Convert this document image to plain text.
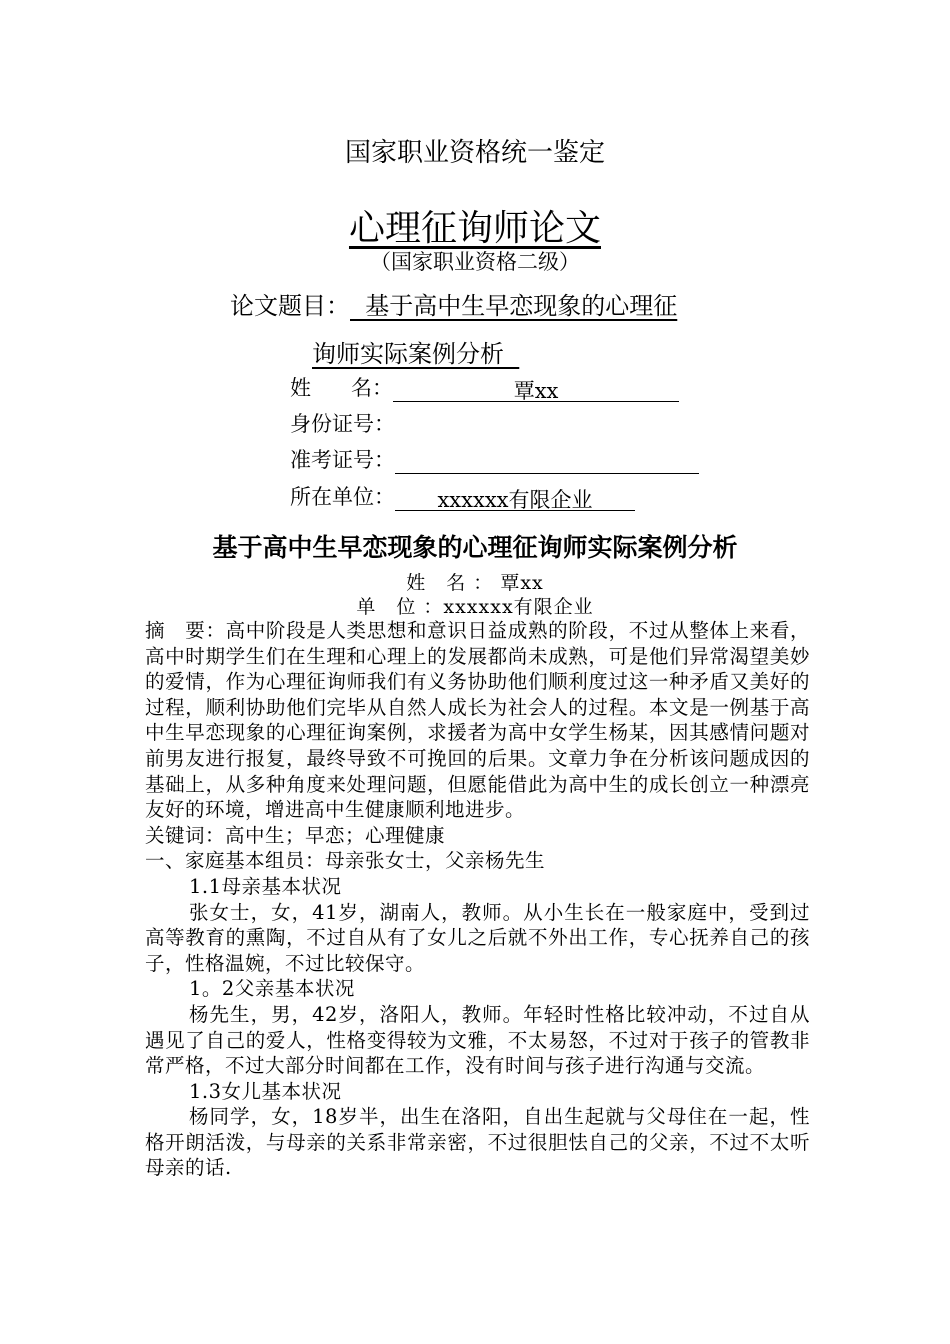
国家职业资格统一鉴定
心理征询师论文
（国家职业资格二级）
论文题目：  基于高中生早恋现象的心理征
询师实际案例分析
姓      名：	覃xx
身份证号：
准考证号：
所在单位： xxxxxx有限企业
基于高中生早恋现象的心理征询师实际案例分析
姓　名 ： 覃xx
单　位 ：xxxxxx有限企业

摘　要：高中阶段是人类思想和意识日益成熟的阶段，不过从整体上来看，高中时期学生们在生理和心理上的发展都尚未成熟，可是他们异常渴望美妙的爱情，作为心理征询师我们有义务协助他们顺利度过这一种矛盾又美好的过程，顺利协助他们完毕从自然人成长为社会人的过程。本文是一例基于高中生早恋现象的心理征询案例，求援者为高中女学生杨某，因其感情问题对前男友进行报复，最终导致不可挽回的后果。文章力争在分析该问题成因的基础上，从多种角度来处理问题，但愿能借此为高中生的成长创立一种漂亮友好的环境，增进高中生健康顺利地进步。

关键词：高中生；早恋；心理健康

一、家庭基本组员：母亲张女士，父亲杨先生

1.1母亲基本状况

张女士，女，41岁，湖南人，教师。从小生长在一般家庭中，受到过高等教育的熏陶，不过自从有了女儿之后就不外出工作，专心抚养自己的孩子，性格温婉，不过比较保守。

1。2父亲基本状况

杨先生，男，42岁，洛阳人，教师。年轻时性格比较冲动，不过自从遇见了自己的爱人，性格变得较为文雅，不太易怒，不过对于孩子的管教非常严格，不过大部分时间都在工作，没有时间与孩子进行沟通与交流。

1.3女儿基本状况

杨同学，女，18岁半，出生在洛阳，自出生起就与父母住在一起，性格开朗活泼，与母亲的关系非常亲密，不过很胆怯自己的父亲，不过不太听母亲的话.
